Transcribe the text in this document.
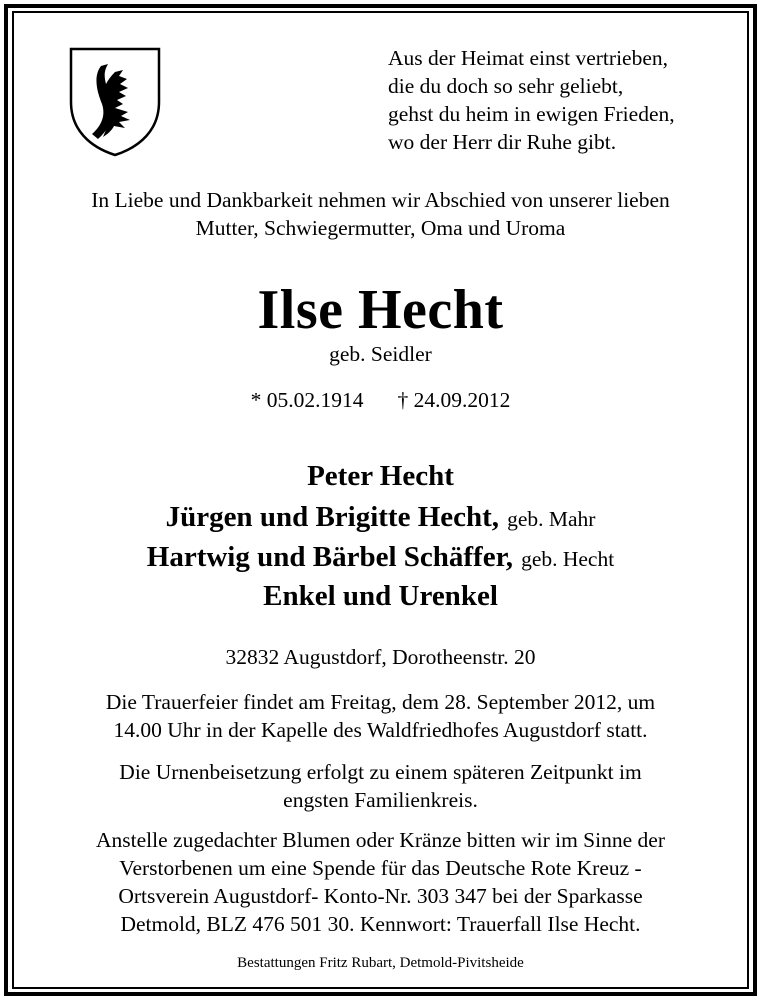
Aus der Heimat einst vertrieben,
die du doch so sehr geliebt,
gehst du heim in ewigen Frieden,
wo der Herr dir Ruhe gibt.
In Liebe und Dankbarkeit nehmen wir Abschied von unserer lieben
Mutter, Schwiegermutter, Oma und Uroma
Ilse Hecht
geb. Seidler
* 05.02.1914 † 24.09.2012
Peter Hecht
Jürgen und Brigitte Hecht, geb. Mahr
Hartwig und Bärbel Schäffer, geb. Hecht
Enkel und Urenkel
32832 Augustdorf, Dorotheenstr. 20
Die Trauerfeier findet am Freitag, dem 28. September 2012, um
14.00 Uhr in der Kapelle des Waldfriedhofes Augustdorf statt.
Die Urnenbeisetzung erfolgt zu einem späteren Zeitpunkt im
engsten Familienkreis.
Anstelle zugedachter Blumen oder Kränze bitten wir im Sinne der
Verstorbenen um eine Spende für das Deutsche Rote Kreuz -
Ortsverein Augustdorf- Konto-Nr. 303 347 bei der Sparkasse
Detmold, BLZ 476 501 30. Kennwort: Trauerfall Ilse Hecht.
Bestattungen Fritz Rubart, Detmold-Pivitsheide
